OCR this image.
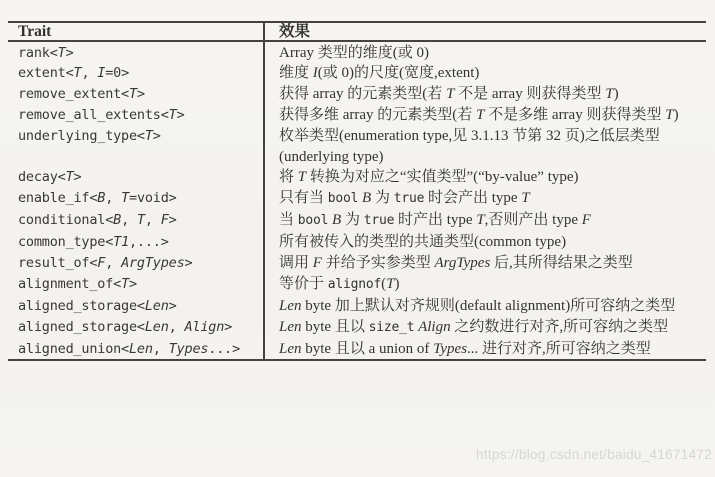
Trait	效果
rank<T>	Array 类型的维度(或 0)
extent<T, I=0>	维度 I(或 0)的尺度(宽度,extent)
remove_extent<T>	获得 array 的元素类型(若 T 不是 array 则获得类型 T)
remove_all_extents<T>	获得多维 array 的元素类型(若 T 不是多维 array 则获得类型 T)
underlying_type<T>	枚举类型(enumeration type,见 3.1.13 节第 32 页)之低层类型(underlying type)
decay<T>	将 T 转换为对应之“实值类型”(“by-value” type)
enable_if<B, T=void>	只有当 bool B 为 true 时会产出 type T
conditional<B, T, F>	当 bool B 为 true 时产出 type T,否则产出 type F
common_type<T1,...>	所有被传入的类型的共通类型(common type)
result_of<F, ArgTypes>	调用 F 并给予实参类型 ArgTypes 后,其所得结果之类型
alignment_of<T>	等价于 alignof(T)
aligned_storage<Len>	Len byte 加上默认对齐规则(default alignment)所可容纳之类型
aligned_storage<Len, Align>	Len byte 且以 size_t Align 之约数进行对齐,所可容纳之类型
aligned_union<Len, Types...>	Len byte 且以 a union of Types... 进行对齐,所可容纳之类型
https://blog.csdn.net/baidu_41671472
